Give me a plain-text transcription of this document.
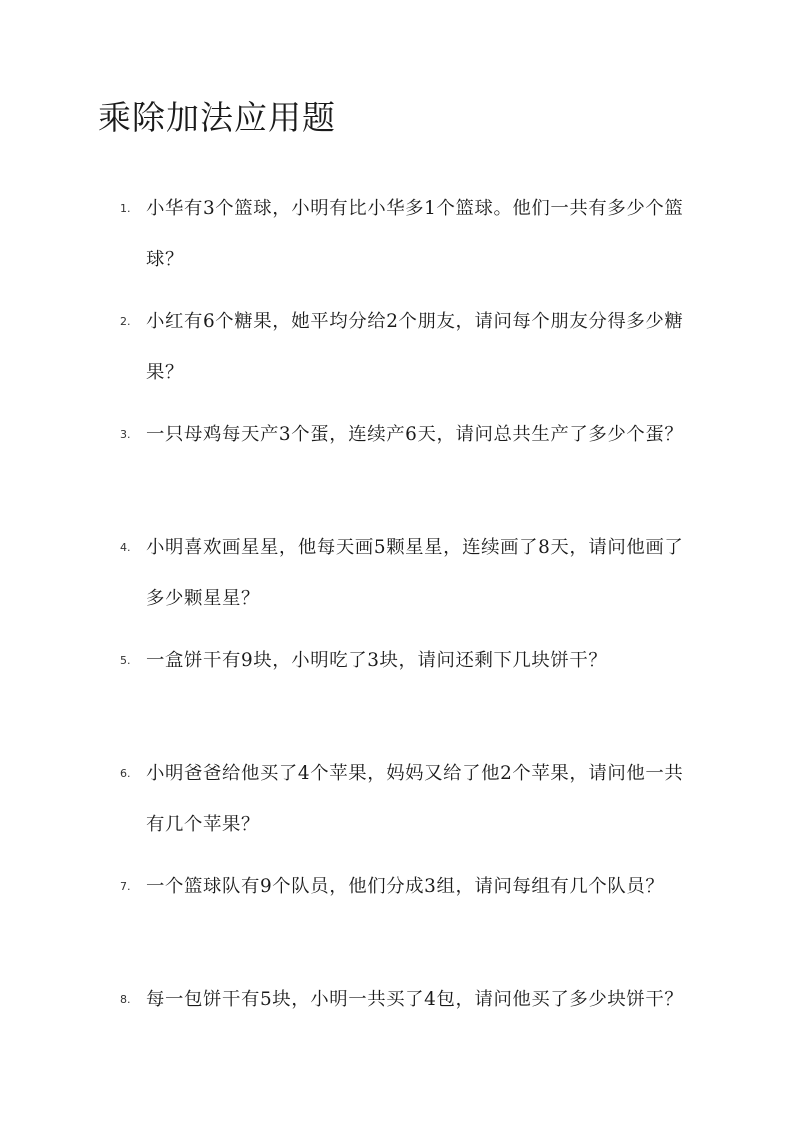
乘除加法应用题
1. 小华有3个篮球，小明有比小华多1个篮球。他们一共有多少个篮球？
2. 小红有6个糖果，她平均分给2个朋友，请问每个朋友分得多少糖果？
3. 一只母鸡每天产3个蛋，连续产6天，请问总共生产了多少个蛋？
4. 小明喜欢画星星，他每天画5颗星星，连续画了8天，请问他画了多少颗星星？
5. 一盒饼干有9块，小明吃了3块，请问还剩下几块饼干？
6. 小明爸爸给他买了4个苹果，妈妈又给了他2个苹果，请问他一共有几个苹果？
7. 一个篮球队有9个队员，他们分成3组，请问每组有几个队员？
8. 每一包饼干有5块，小明一共买了4包，请问他买了多少块饼干？
